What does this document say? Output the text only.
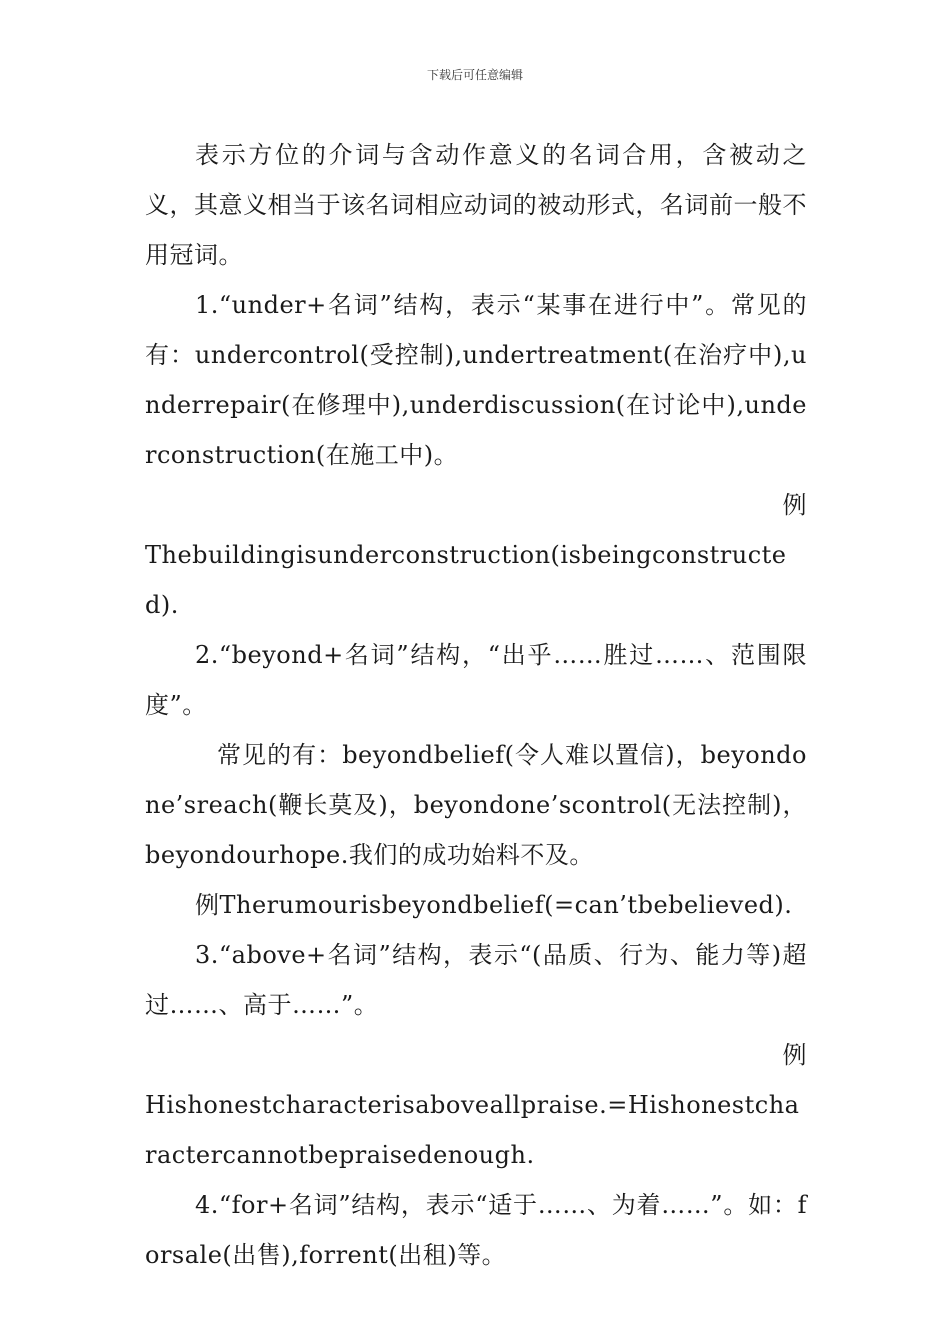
下载后可任意编辑

表示方位的介词与含动作意义的名词合用，含被动之义，其意义相当于该名词相应动词的被动形式，名词前一般不用冠词。

1.“under+名词”结构，表示“某事在进行中”。常见的有：undercontrol(受控制),undertreatment(在治疗中),underrepair(在修理中),underdiscussion(在讨论中),underconstruction(在施工中)。

例

Thebuildingisunderconstruction(isbeingconstructed).

2.“beyond+名词”结构，“出乎……胜过……、范围限度”。

常见的有：beyondbelief(令人难以置信)，beyondone’sreach(鞭长莫及)，beyondone’scontrol(无法控制)，beyondourhope.我们的成功始料不及。

例Therumourisbeyondbelief(=can’tbebelieved).

3.“above+名词”结构，表示“(品质、行为、能力等)超过……、高于……”。

例

Hishonestcharacterisaboveallpraise.=Hishonestcharactercannotbepraisedenough.

4.“for+名词”结构，表示“适于……、为着……”。如：forsale(出售),forrent(出租)等。
